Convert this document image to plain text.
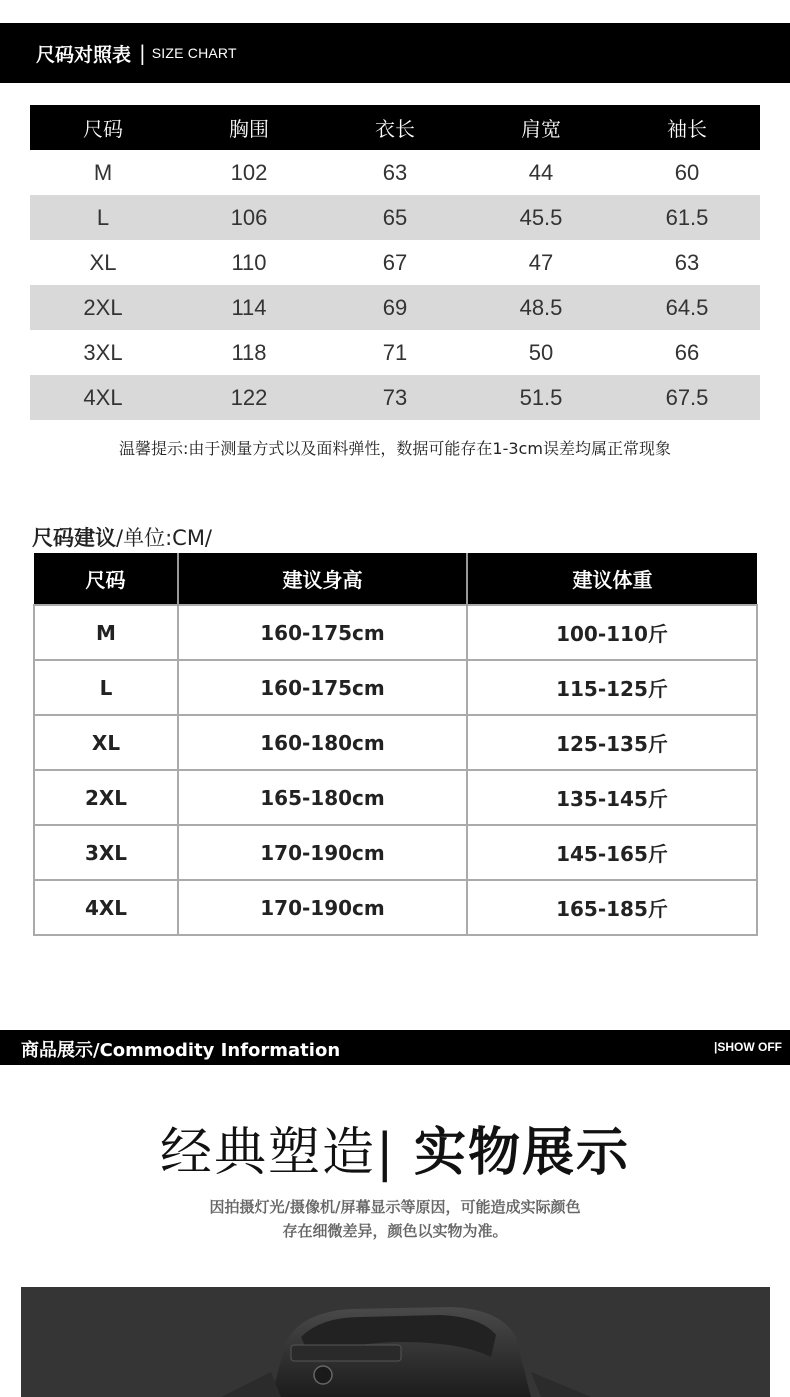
尺码对照表 | SIZE CHART
尺码	胸围	衣长	肩宽	袖长
M	102	63	44	60
L	106	65	45.5	61.5
XL	110	67	47	63
2XL	114	69	48.5	64.5
3XL	118	71	50	66
4XL	122	73	51.5	67.5
温馨提示:由于测量方式以及面料弹性，数据可能存在1-3cm误差均属正常现象
尺码建议/单位:CM/
尺码	建议身高	建议体重
M	160-175cm	100-110斤
L	160-175cm	115-125斤
XL	160-180cm	125-135斤
2XL	165-180cm	135-145斤
3XL	170-190cm	145-165斤
4XL	170-190cm	165-185斤
商品展示/Commodity Information	|SHOW OFF
经典塑造| 实物展示
因拍摄灯光/摄像机/屏幕显示等原因，可能造成实际颜色
存在细微差异，颜色以实物为准。
